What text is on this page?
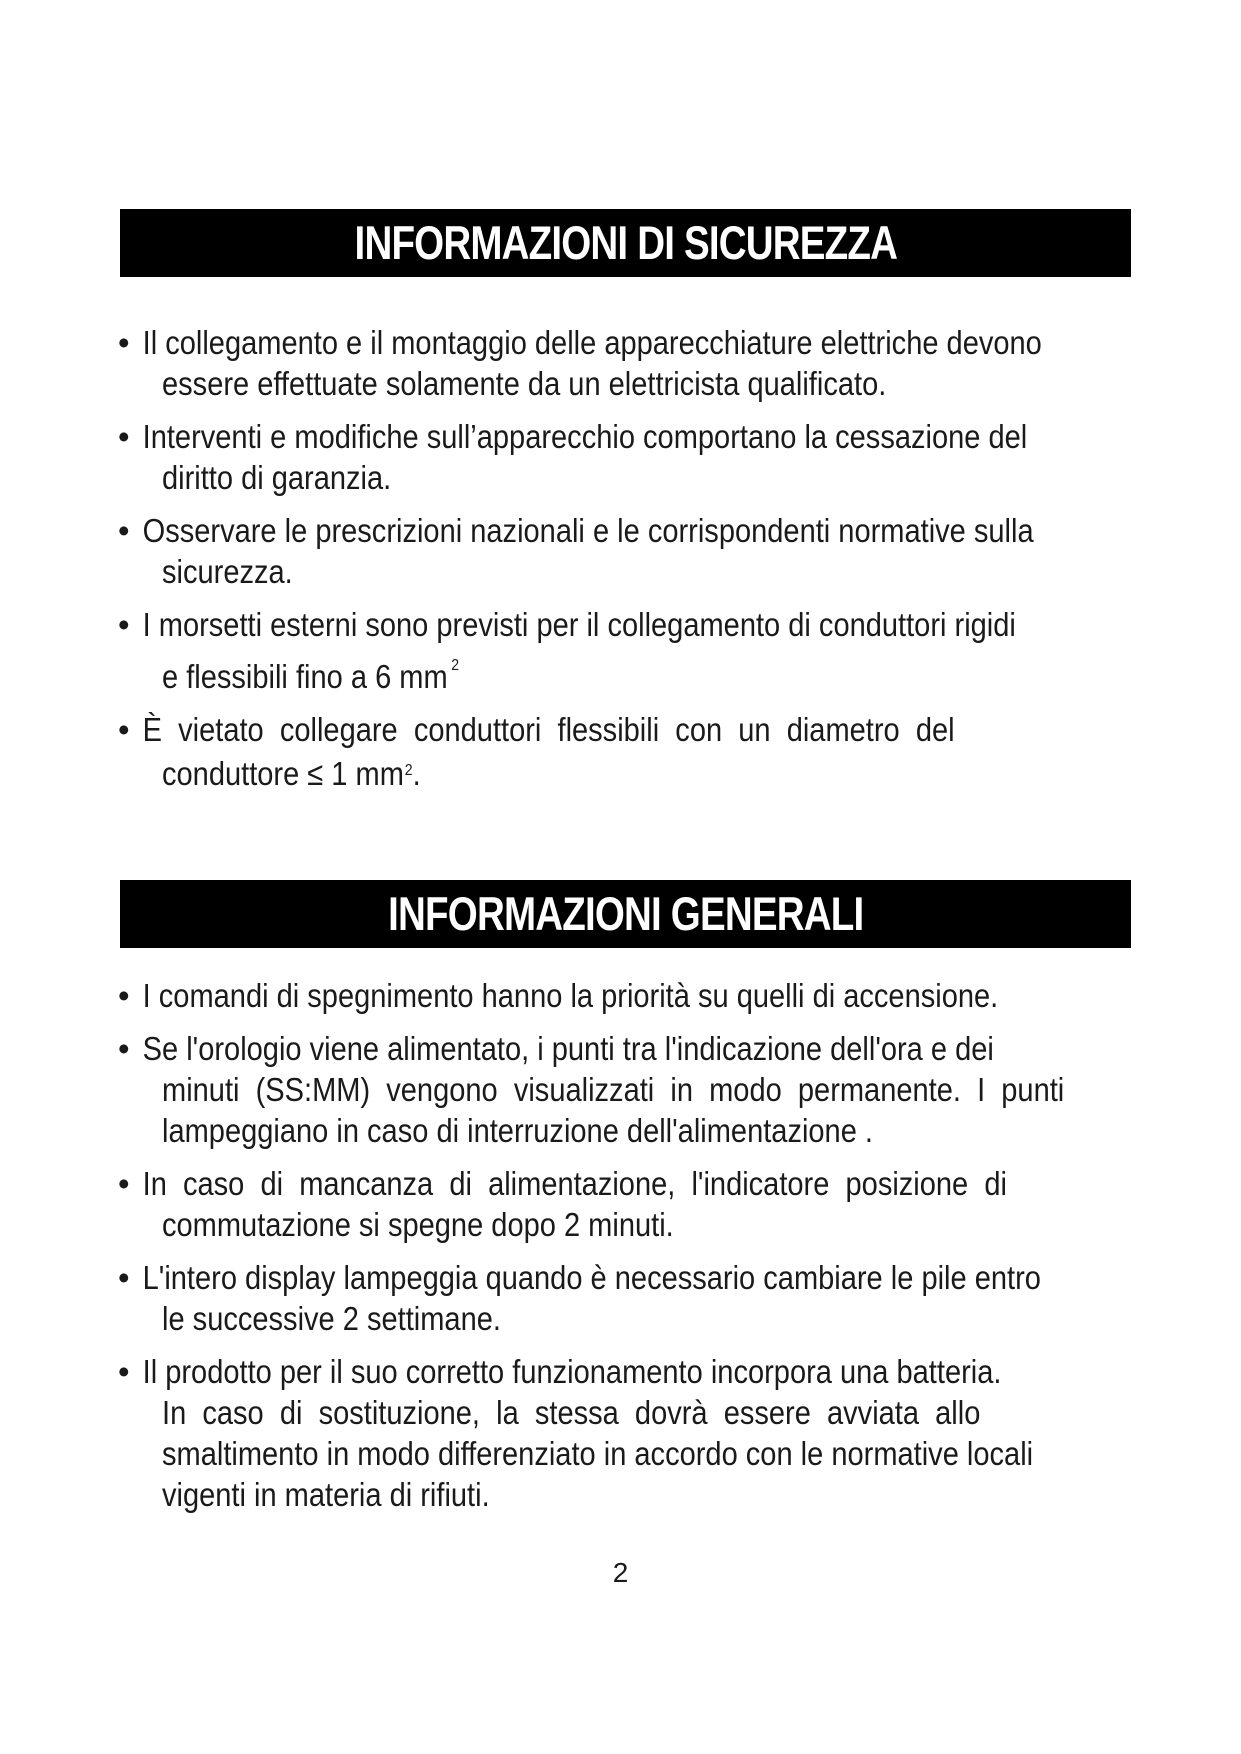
INFORMAZIONI DI SICUREZZA
• Il collegamento e il montaggio delle apparecchiature elettriche devono
essere effettuate solamente da un elettricista qualificato.
• Interventi e modifiche sull’apparecchio comportano la cessazione del
diritto di garanzia.
• Osservare le prescrizioni nazionali e le corrispondenti normative sulla
sicurezza.
• I morsetti esterni sono previsti per il collegamento di conduttori rigidi
e flessibili fino a 6 mm $^2$
• È  vietato  collegare  conduttori  flessibili  con  un  diametro  del
conduttore ≤ 1 $mm^2$.
INFORMAZIONI GENERALI
• I comandi di spegnimento hanno la priorità su quelli di accensione.
• Se l'orologio viene alimentato, i punti tra l'indicazione dell'ora e dei
minuti  (SS:MM)  vengono  visualizzati  in  modo  permanente.  I  punti
lampeggiano in caso di interruzione dell'alimentazione .
• In  caso  di  mancanza  di  alimentazione,  l'indicatore  posizione  di
commutazione si spegne dopo 2 minuti.
• L'intero display lampeggia quando è necessario cambiare le pile entro
le successive 2 settimane.
• Il prodotto per il suo corretto funzionamento incorpora una batteria.
In  caso  di  sostituzione,  la  stessa  dovrà  essere  avviata  allo
smaltimento in modo differenziato in accordo con le normative locali
vigenti in materia di rifiuti.
2
